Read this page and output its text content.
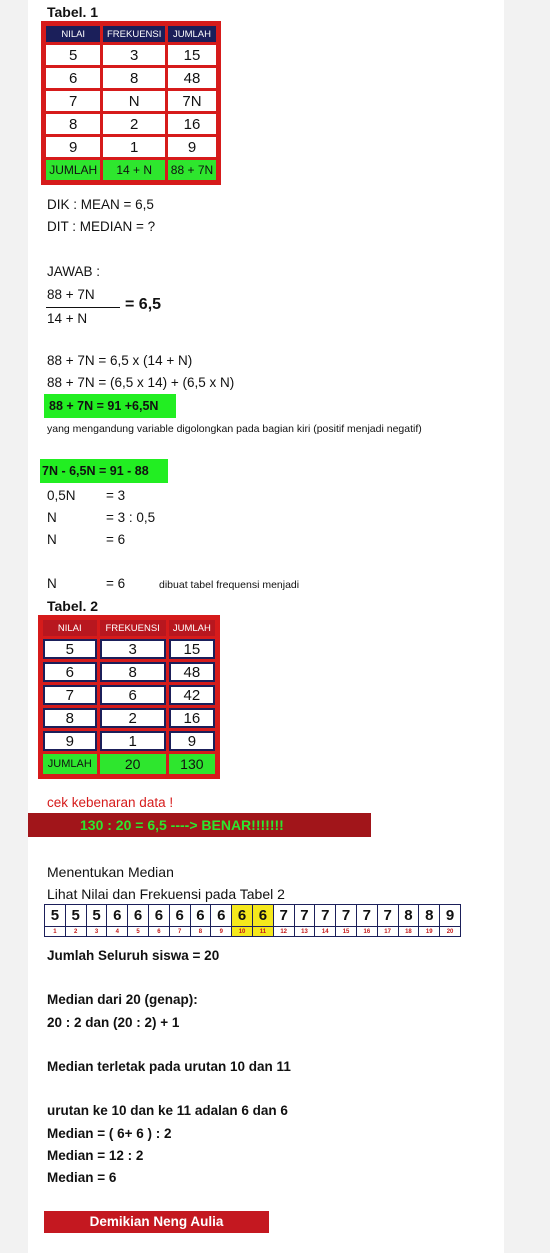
Tabel. 1
NILAI	FREKUENSI	JUMLAH
5	3	15
6	8	48
7	N	7N
8	2	16
9	1	9
JUMLAH	14 + N	88 + 7N
DIK : MEAN = 6,5
DIT : MEDIAN = ?
JAWAB :
88 + 7N
14 + N
= 6,5
88 + 7N = 6,5 x (14 + N)
88 + 7N = (6,5 x 14) + (6,5 x N)
88 + 7N = 91 +6,5N
yang mengandung variable digolongkan pada bagian kiri (positif menjadi negatif)
7N - 6,5N = 91 - 88
0,5N = 3
N	= 3 : 0,5
N	= 6
N	= 6	dibuat tabel frequensi menjadi
Tabel. 2
NILAI	FREKUENSI	JUMLAH
5	3	15
6	8	48
7	6	42
8	2	16
9	1	9
JUMLAH	20	130
cek kebenaran data !
130 : 20 = 6,5 ----> BENAR!!!!!!!
Menentukan Median
Lihat Nilai dan Frekuensi pada Tabel 2
5	5	5	6	6	6	6	6	6	6	6	7	7	7	7	7	7	8	8	9
1	2	3	4	5	6	7	8	9	10	11	12	13	14	15	16	17	18	19	20
Jumlah Seluruh siswa = 20
Median dari 20 (genap):
20 : 2 dan (20 : 2) + 1
Median terletak pada urutan 10 dan 11
urutan ke 10 dan ke 11 adalan 6 dan 6
Median = ( 6+ 6 ) : 2
Median = 12 : 2
Median = 6
Demikian Neng Aulia
